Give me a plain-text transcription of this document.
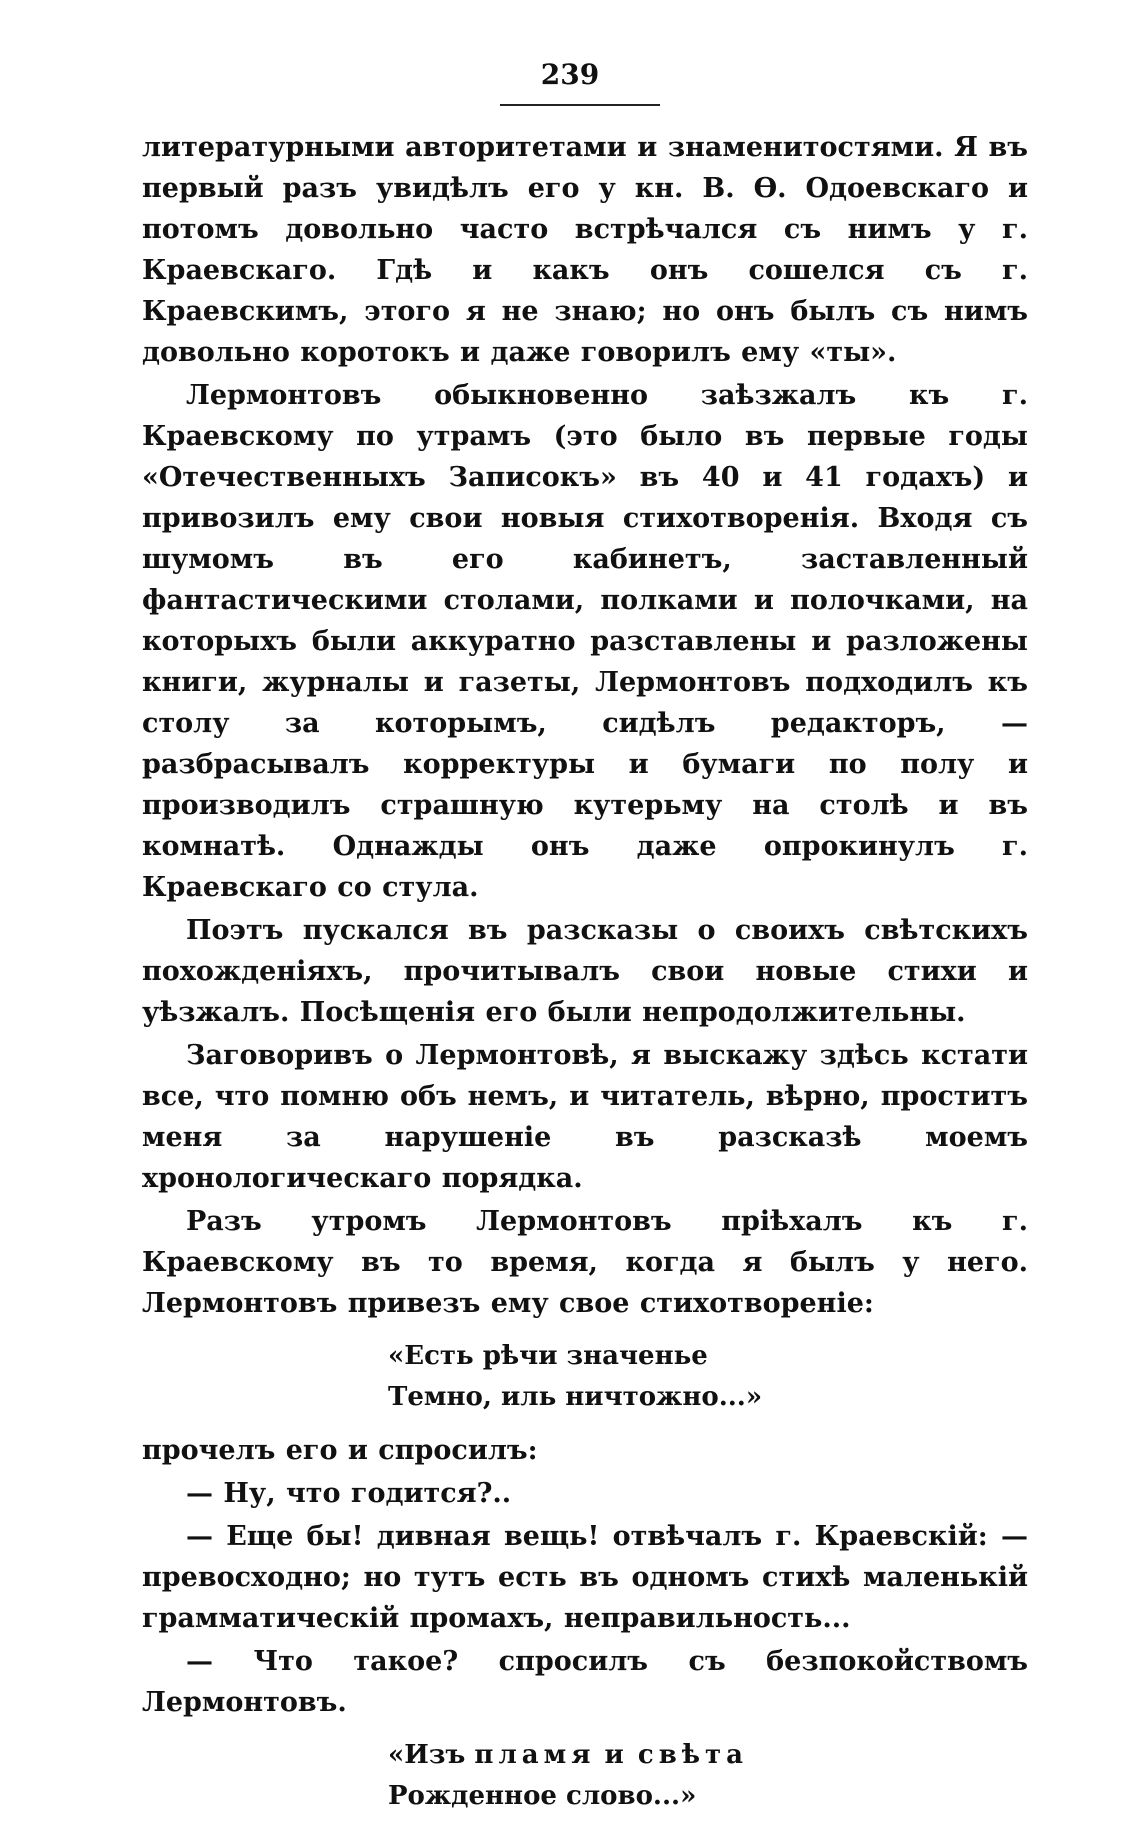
239

литературными авторитетами и знаменитостями. Я въ первый разъ увидѣлъ его у кн. В. Ѳ. Одоевскаго и потомъ довольно часто встрѣчался съ нимъ у г. Краевскаго. Гдѣ и какъ онъ сошелся съ г. Краевскимъ, этого я не знаю; но онъ былъ съ нимъ довольно коротокъ и даже говорилъ ему «ты».

Лермонтовъ обыкновенно заѣзжалъ къ г. Краевскому по утрамъ (это было въ первые годы «Отечественныхъ Записокъ» въ 40 и 41 годахъ) и привозилъ ему свои новыя стихотворенія. Входя съ шумомъ въ его кабинетъ, заставленный фантастическими столами, полками и полочками, на которыхъ были аккуратно разставлены и разложены книги, журналы и газеты, Лермонтовъ подходилъ къ столу за которымъ, сидѣлъ редакторъ, — разбрасывалъ корректуры и бумаги по полу и производилъ страшную кутерьму на столѣ и въ комнатѣ. Однажды онъ даже опрокинулъ г. Краевскаго со стула.

Поэтъ пускался въ разсказы о своихъ свѣтскихъ похожденіяхъ, прочитывалъ свои новые стихи и уѣзжалъ. Посѣщенія его были непродолжительны.

Заговоривъ о Лермонтовѣ, я выскажу здѣсь кстати все, что помню объ немъ, и читатель, вѣрно, проститъ меня за нарушеніе въ разсказѣ моемъ хронологическаго порядка.

Разъ утромъ Лермонтовъ пріѣхалъ къ г. Краевскому въ то время, когда я былъ у него. Лермонтовъ привезъ ему свое стихотвореніе:

«Есть рѣчи значенье
Темно, иль ничтожно...»

прочелъ его и спросилъ:

— Ну, что годится?..

— Еще бы! дивная вещь! отвѣчалъ г. Краевскій: — превосходно; но тутъ есть въ одномъ стихѣ маленькій грамматическій промахъ, неправильность...

— Что такое? спросилъ съ безпокойствомъ Лермонтовъ.

«Изъ пламя и свѣта
Рожденное слово...»
